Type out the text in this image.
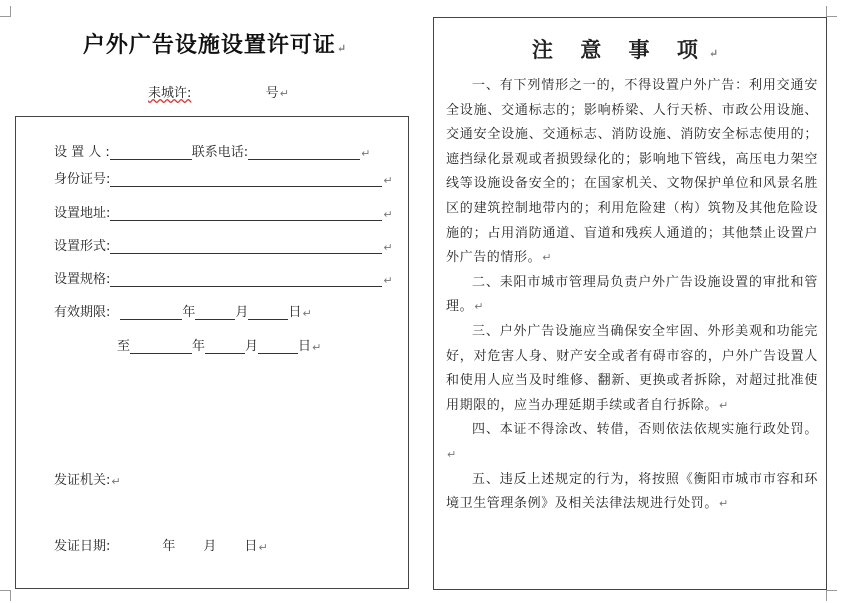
户外广告设施设置许可证↵
耒城许:	号↵
设 置 人 :	联系电话:	↵
身份证号:	↵
设置地址:	↵
设置形式:	↵
设置规格:	↵
有效期限:	年	月	日 ↵
至	年	月	日 ↵
发证机关: ↵
发证日期:	年 月 日 ↵
注 意 事 项↵

一、有下列情形之一的，不得设置户外广告：利用交通安全设施、交通标志的；影响桥梁、人行天桥、市政公用设施、交通安全设施、交通标志、消防设施、消防安全标志使用的；遮挡绿化景观或者损毁绿化的；影响地下管线，高压电力架空线等设施设备安全的；在国家机关、文物保护单位和风景名胜区的建筑控制地带内的；利用危险建（构）筑物及其他危险设施的；占用消防通道、盲道和残疾人通道的；其他禁止设置户外广告的情形。↵

二、耒阳市城市管理局负责户外广告设施设置的审批和管理。↵

三、户外广告设施应当确保安全牢固、外形美观和功能完好，对危害人身、财产安全或者有碍市容的，户外广告设置人和使用人应当及时维修、翻新、更换或者拆除，对超过批准使用期限的，应当办理延期手续或者自行拆除。↵

四、本证不得涂改、转借，否则依法依规实施行政处罚。↵

五、违反上述规定的行为，将按照《衡阳市城市市容和环境卫生管理条例》及相关法律法规进行处罚。↵
